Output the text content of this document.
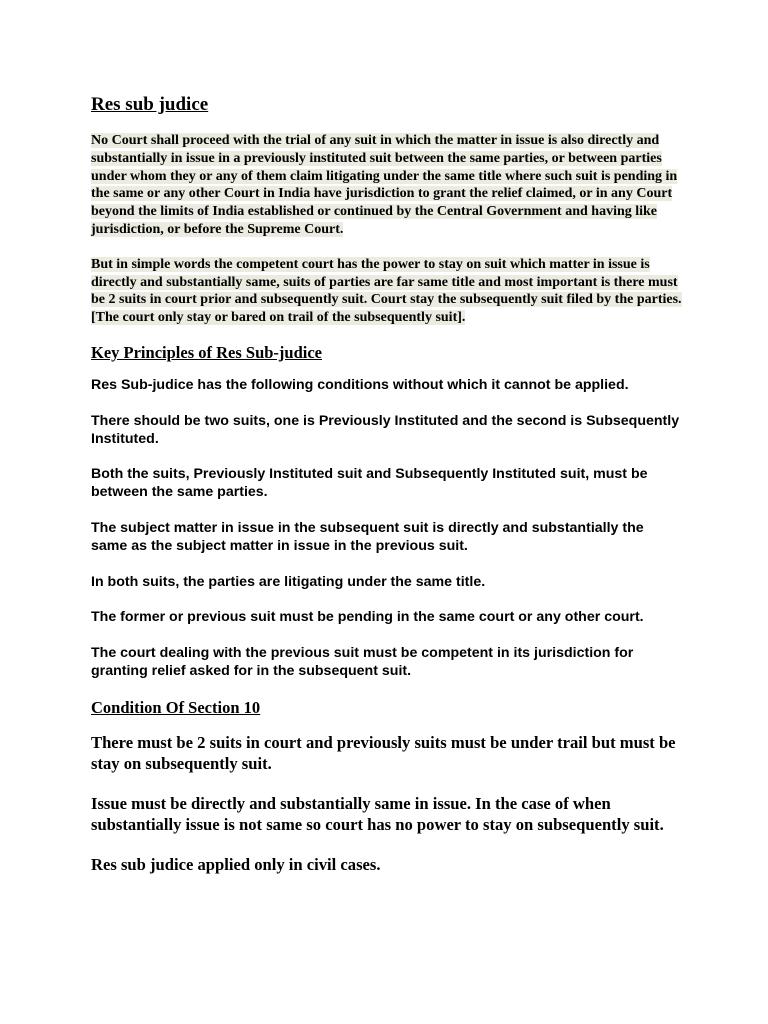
Res sub judice

No Court shall proceed with the trial of any suit in which the matter in issue is also directly and substantially in issue in a previously instituted suit between the same parties, or between parties under whom they or any of them claim litigating under the same title where such suit is pending in the same or any other Court in India have jurisdiction to grant the relief claimed, or in any Court beyond the limits of India established or continued by the Central Government and having like jurisdiction, or before the Supreme Court.

But in simple words the competent court has the power to stay on suit which matter in issue is directly and substantially same, suits of parties are far same title and most important is there must be 2 suits in court prior and subsequently suit. Court stay the subsequently suit filed by the parties. [The court only stay or bared on trail of the subsequently suit].

Key Principles of Res Sub-judice

Res Sub-judice has the following conditions without which it cannot be applied.

There should be two suits, one is Previously Instituted and the second is Subsequently Instituted.

Both the suits, Previously Instituted suit and Subsequently Instituted suit, must be between the same parties.

The subject matter in issue in the subsequent suit is directly and substantially the same as the subject matter in issue in the previous suit.

In both suits, the parties are litigating under the same title.

The former or previous suit must be pending in the same court or any other court.

The court dealing with the previous suit must be competent in its jurisdiction for granting relief asked for in the subsequent suit.

Condition Of Section 10

There must be 2 suits in court and previously suits must be under trail but must be stay on subsequently suit.

Issue must be directly and substantially same in issue. In the case of when substantially issue is not same so court has no power to stay on subsequently suit.

Res sub judice applied only in civil cases.
